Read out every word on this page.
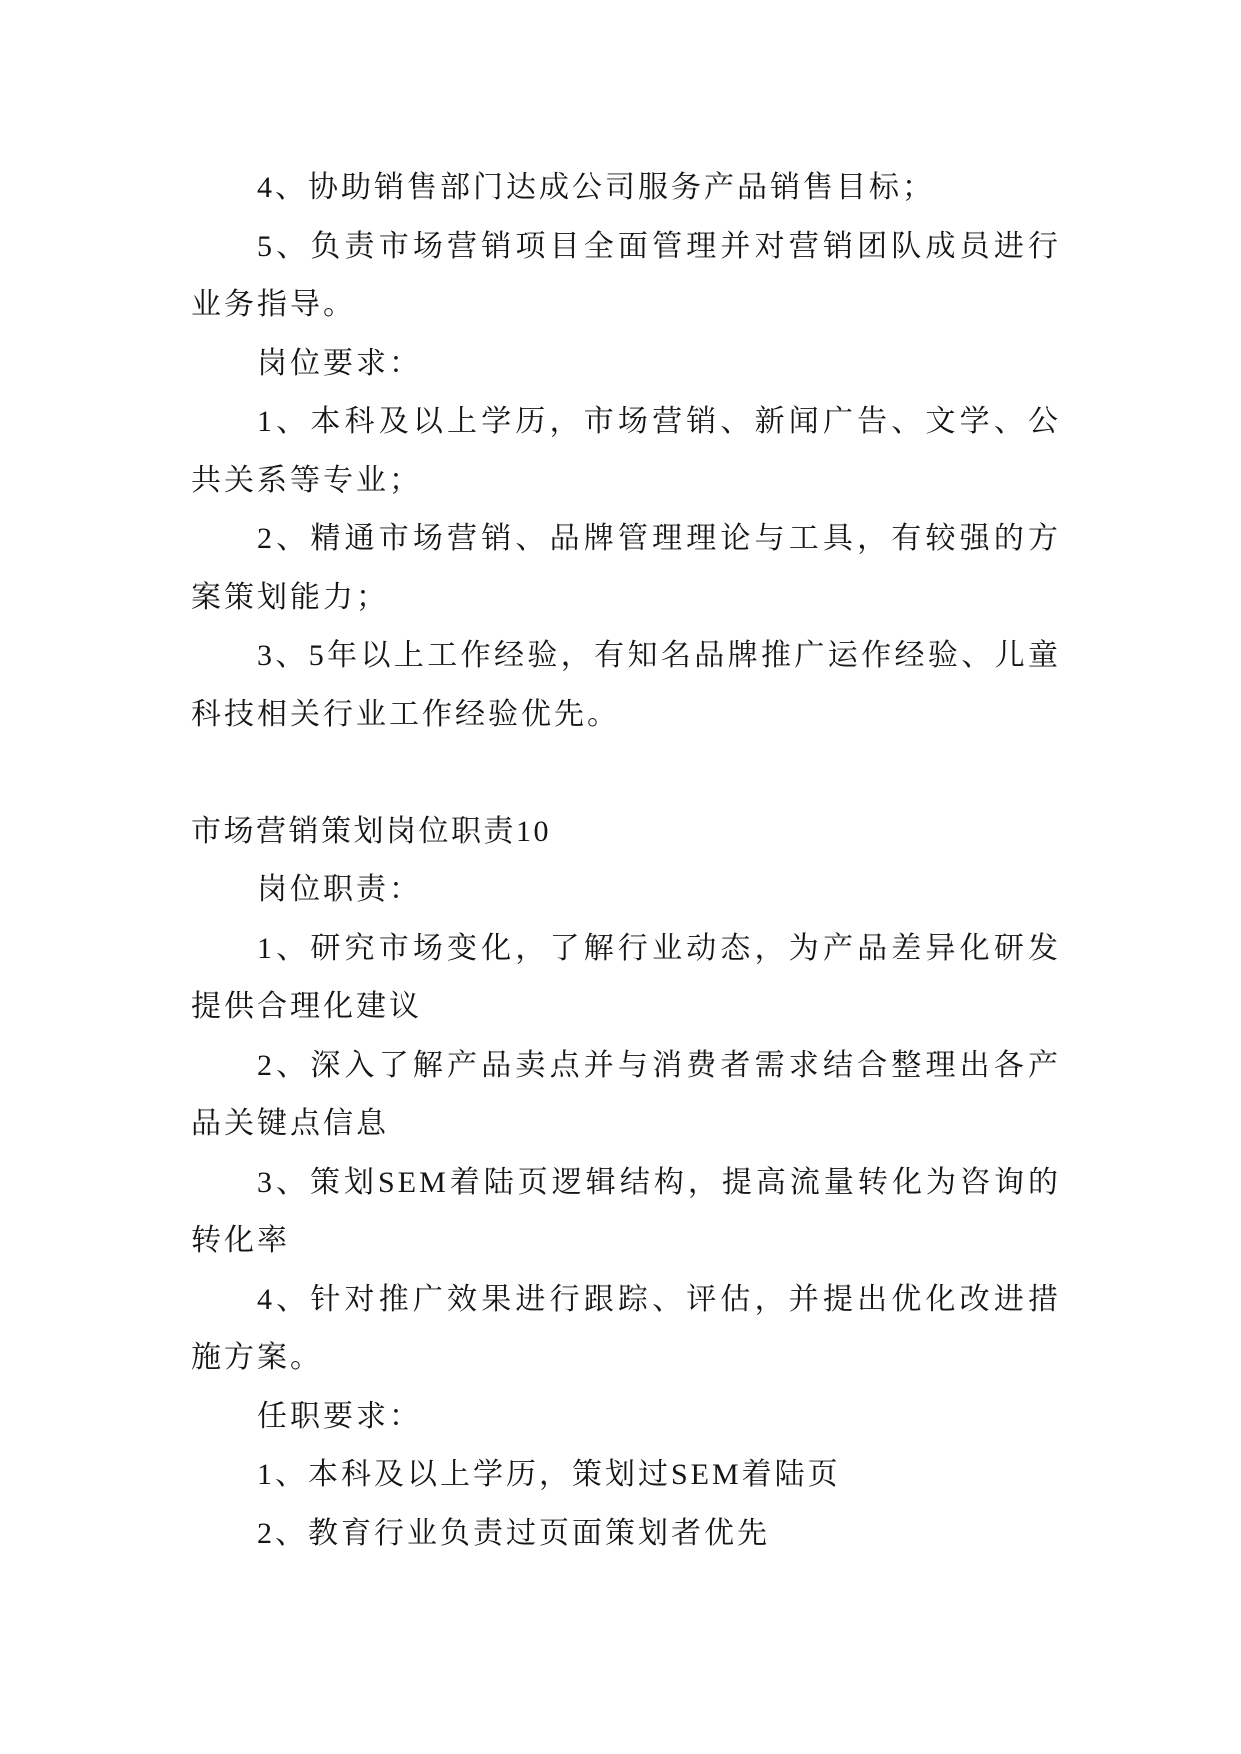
4、协助销售部门达成公司服务产品销售目标；

5、负责市场营销项目全面管理并对营销团队成员进行业务指导。

岗位要求：

1、本科及以上学历，市场营销、新闻广告、文学、公共关系等专业；

2、精通市场营销、品牌管理理论与工具，有较强的方案策划能力；

3、5年以上工作经验，有知名品牌推广运作经验、儿童科技相关行业工作经验优先。

市场营销策划岗位职责10

岗位职责：

1、研究市场变化，了解行业动态，为产品差异化研发提供合理化建议

2、深入了解产品卖点并与消费者需求结合整理出各产品关键点信息

3、策划SEM着陆页逻辑结构，提高流量转化为咨询的转化率

4、针对推广效果进行跟踪、评估，并提出优化改进措施方案。

任职要求：

1、本科及以上学历，策划过SEM着陆页

2、教育行业负责过页面策划者优先
